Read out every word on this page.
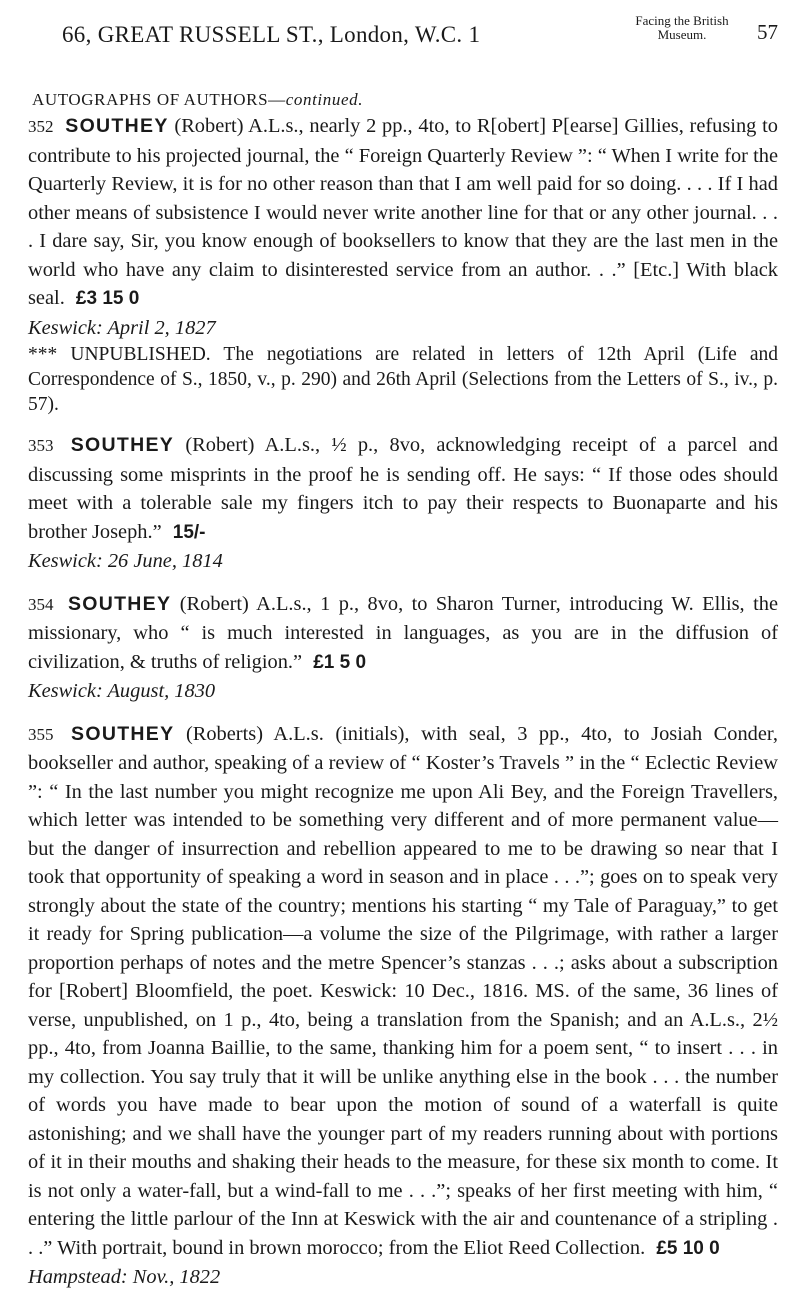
66, GREAT RUSSELL ST., London, W.C. 1
Facing the British Museum.	57
AUTOGRAPHS OF AUTHORS—continued.

352 SOUTHEY (Robert) A.L.s., nearly 2 pp., 4to, to R[obert] P[earse] Gillies, refusing to contribute to his projected journal, the “ Foreign Quarterly Review ”: “ When I write for the Quarterly Review, it is for no other reason than that I am well paid for so doing. . . . If I had other means of subsistence I would never write another line for that or any other journal. . . . I dare say, Sir, you know enough of booksellers to know that they are the last men in the world who have any claim to disinterested service from an author. . .” [Etc.] With black seal. £3 15 0

Keswick: April 2, 1827

*** UNPUBLISHED. The negotiations are related in letters of 12th April (Life and Correspondence of S., 1850, v., p. 290) and 26th April (Selections from the Letters of S., iv., p. 57).

353 SOUTHEY (Robert) A.L.s., ½ p., 8vo, acknowledging receipt of a parcel and discussing some misprints in the proof he is sending off. He says: “ If those odes should meet with a tolerable sale my fingers itch to pay their respects to Buonaparte and his brother Joseph.” 15/-

Keswick: 26 June, 1814

354 SOUTHEY (Robert) A.L.s., 1 p., 8vo, to Sharon Turner, introducing W. Ellis, the missionary, who “ is much interested in languages, as you are in the diffusion of civilization, & truths of religion.” £1 5 0

Keswick: August, 1830

355 SOUTHEY (Roberts) A.L.s. (initials), with seal, 3 pp., 4to, to Josiah Conder, bookseller and author, speaking of a review of “ Koster’s Travels ” in the “ Eclectic Review ”: “ In the last number you might recognize me upon Ali Bey, and the Foreign Travellers, which letter was intended to be something very different and of more permanent value—but the danger of insurrection and rebellion appeared to me to be drawing so near that I took that opportunity of speaking a word in season and in place . . .”; goes on to speak very strongly about the state of the country; mentions his starting “ my Tale of Paraguay,” to get it ready for Spring publication—a volume the size of the Pilgrimage, with rather a larger proportion perhaps of notes and the metre Spencer’s stanzas . . .; asks about a subscription for [Robert] Bloomfield, the poet. Keswick: 10 Dec., 1816. MS. of the same, 36 lines of verse, unpublished, on 1 p., 4to, being a translation from the Spanish; and an A.L.s., 2½ pp., 4to, from Joanna Baillie, to the same, thanking him for a poem sent, “ to insert . . . in my collection. You say truly that it will be unlike anything else in the book . . . the number of words you have made to bear upon the motion of sound of a waterfall is quite astonishing; and we shall have the younger part of my readers running about with portions of it in their mouths and shaking their heads to the measure, for these six month to come. It is not only a water-fall, but a wind-fall to me . . .”; speaks of her first meeting with him, “ entering the little parlour of the Inn at Keswick with the air and countenance of a stripling . . .” With portrait, bound in brown morocco; from the Eliot Reed Collection. £5 10 0

Hampstead: Nov., 1822
